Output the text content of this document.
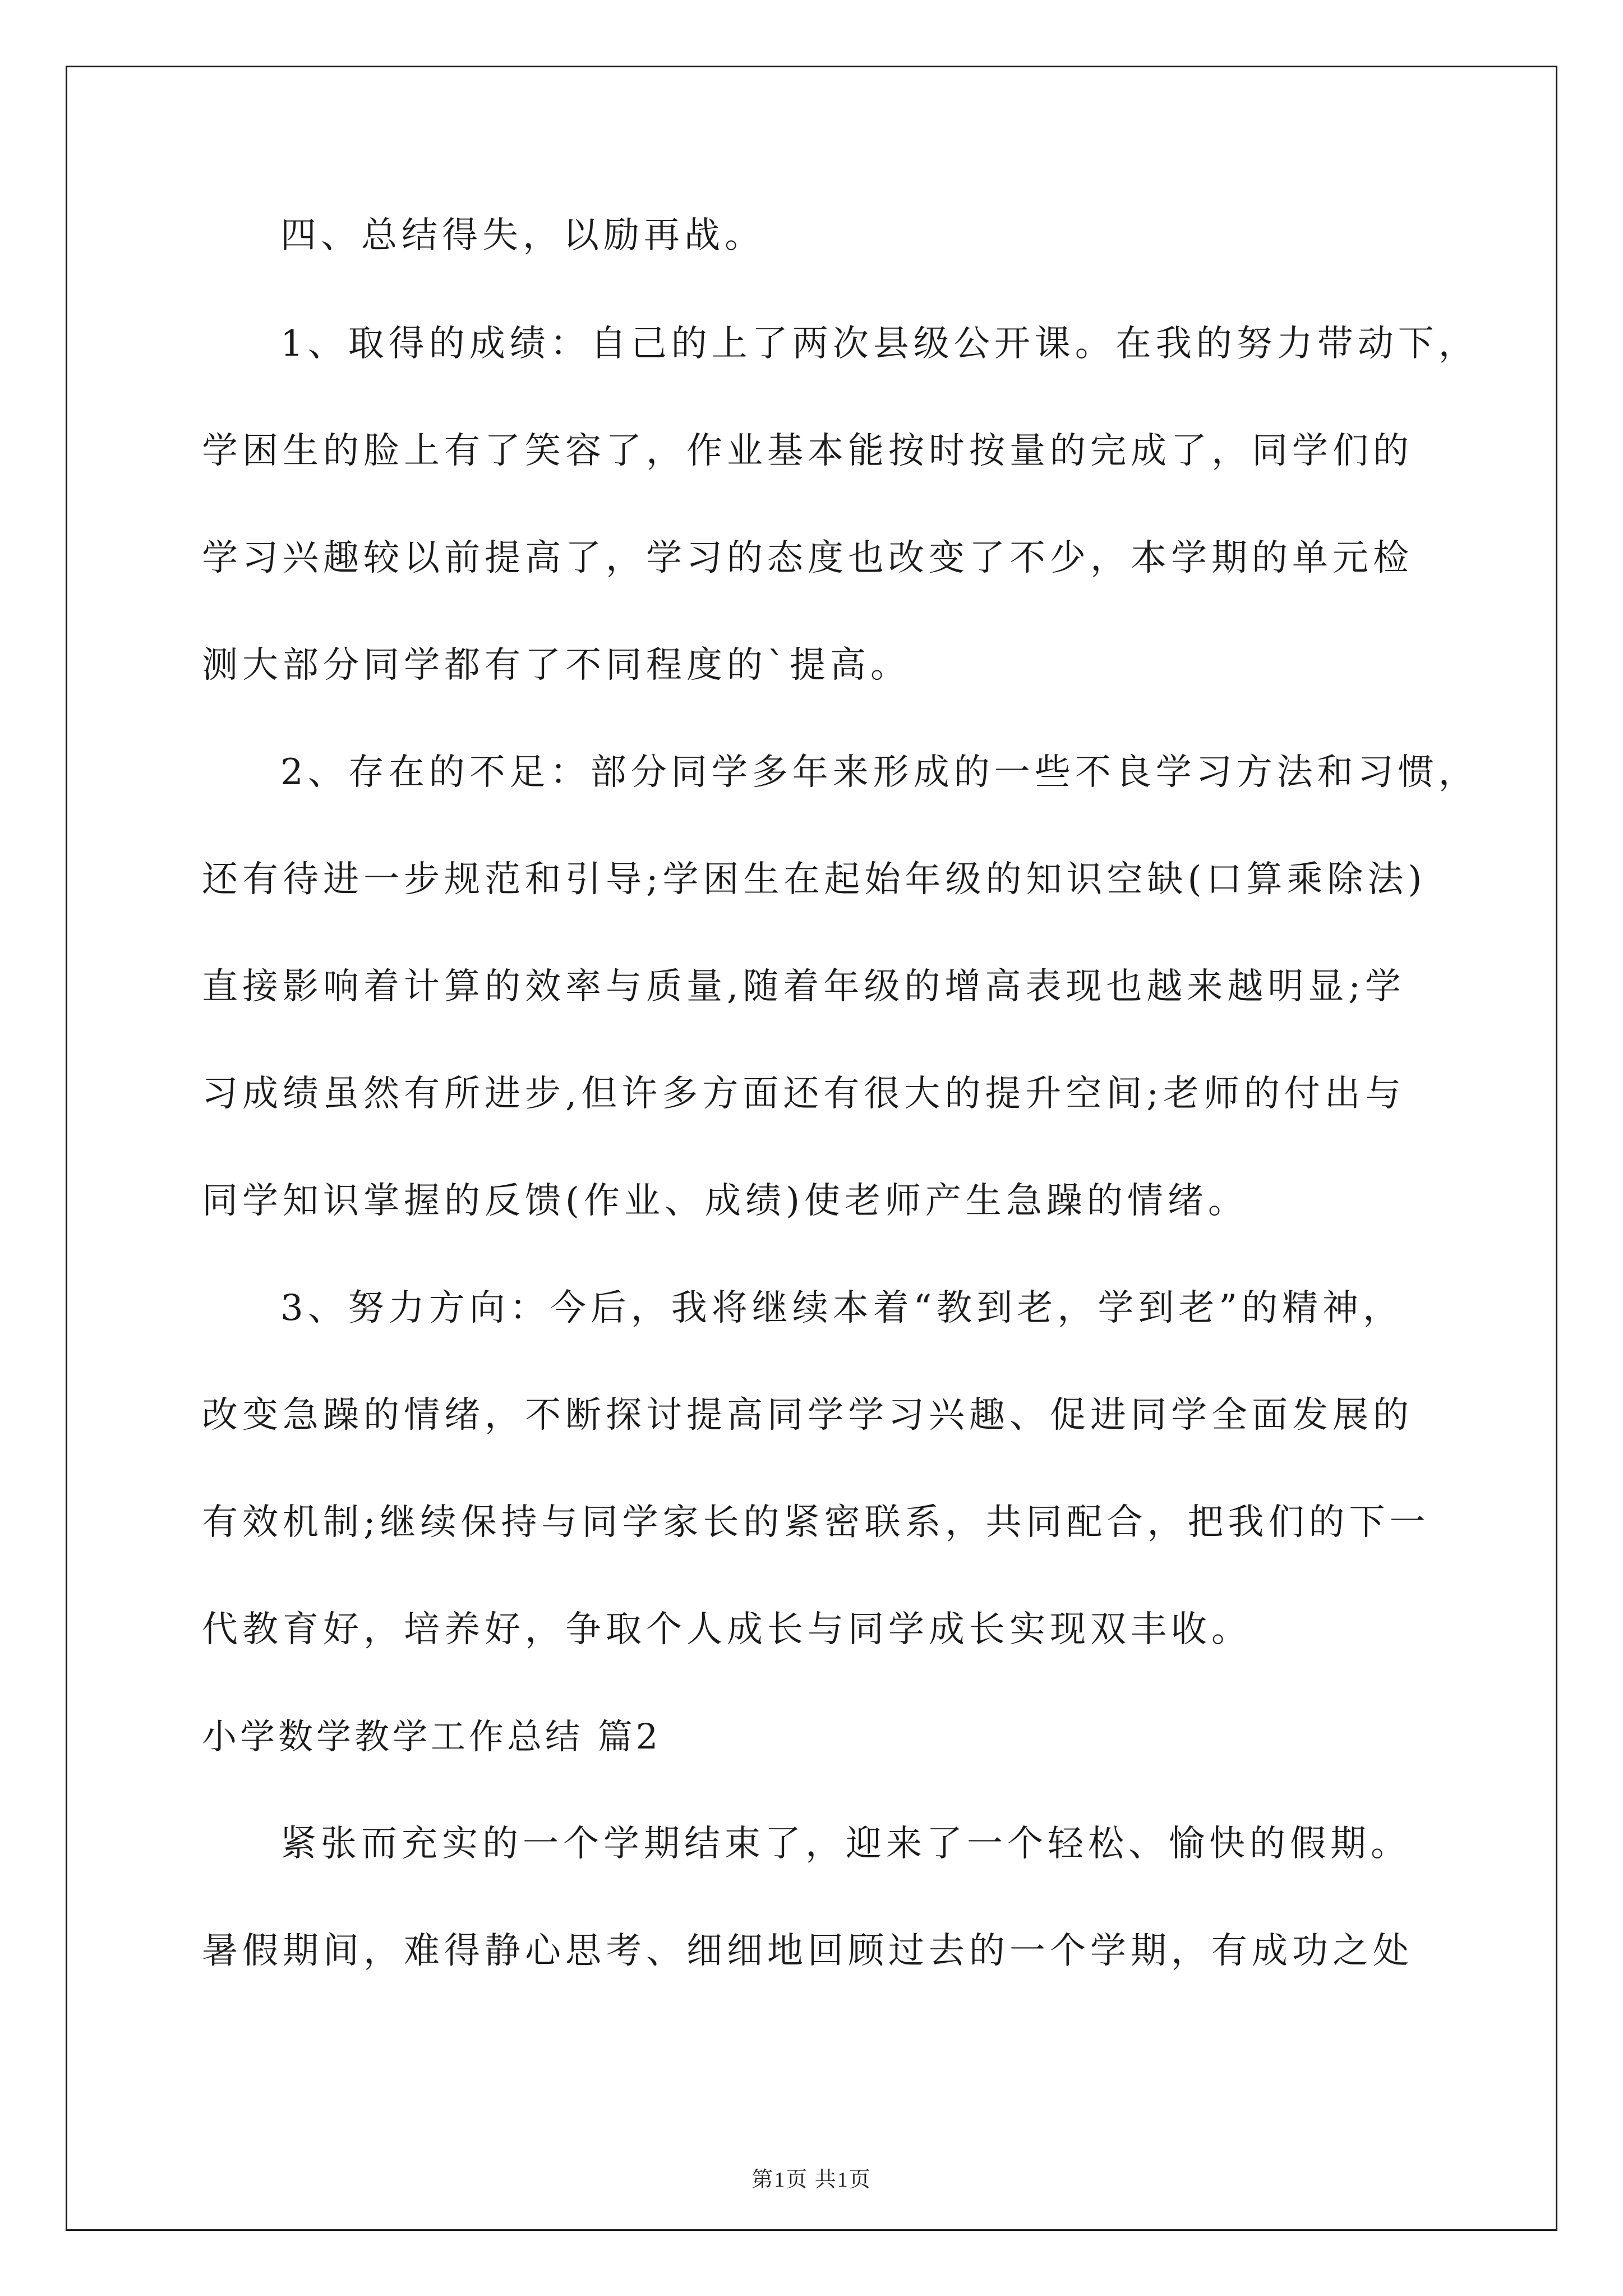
四、总结得失，以励再战。
1、取得的成绩：自己的上了两次县级公开课。在我的努力带动下，
学困生的脸上有了笑容了，作业基本能按时按量的完成了，同学们的
学习兴趣较以前提高了，学习的态度也改变了不少，本学期的单元检
测大部分同学都有了不同程度的`提高。
2、存在的不足：部分同学多年来形成的一些不良学习方法和习惯，
还有待进一步规范和引导;学困生在起始年级的知识空缺(口算乘除法)
直接影响着计算的效率与质量,随着年级的增高表现也越来越明显;学
习成绩虽然有所进步,但许多方面还有很大的提升空间;老师的付出与
同学知识掌握的反馈(作业、成绩)使老师产生急躁的情绪。
3、努力方向：今后，我将继续本着“教到老，学到老”的精神，
改变急躁的情绪，不断探讨提高同学学习兴趣、促进同学全面发展的
有效机制;继续保持与同学家长的紧密联系，共同配合，把我们的下一
代教育好，培养好，争取个人成长与同学成长实现双丰收。
小学数学教学工作总结 篇2
紧张而充实的一个学期结束了，迎来了一个轻松、愉快的假期。
暑假期间，难得静心思考、细细地回顾过去的一个学期，有成功之处
第1页 共1页
